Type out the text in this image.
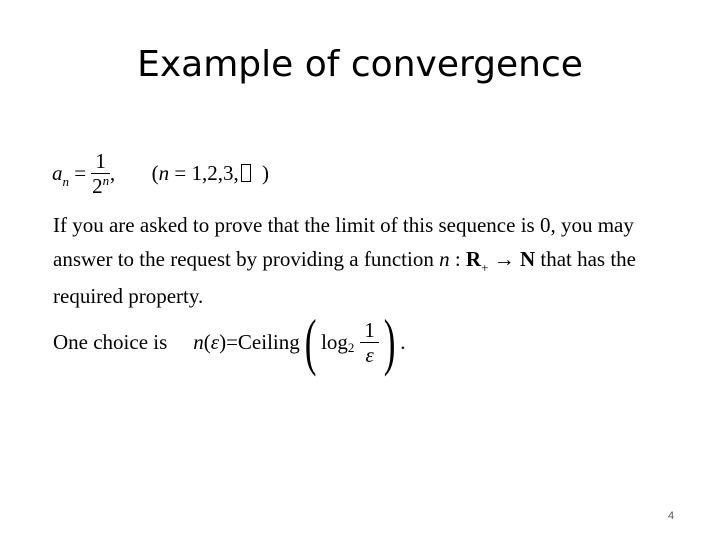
Example of convergence
$a_n = \frac{1}{2^n}$ , (n = 1,2,3, )
If you are asked to prove that the limit of this sequence is 0, you may answer to the request by providing a function n : $R_+ \to N$ that has the required property.
One choice is n ( ε ) = Ceiling ( $\log 2 \frac{1}{\varepsilon}$ ) .
4
